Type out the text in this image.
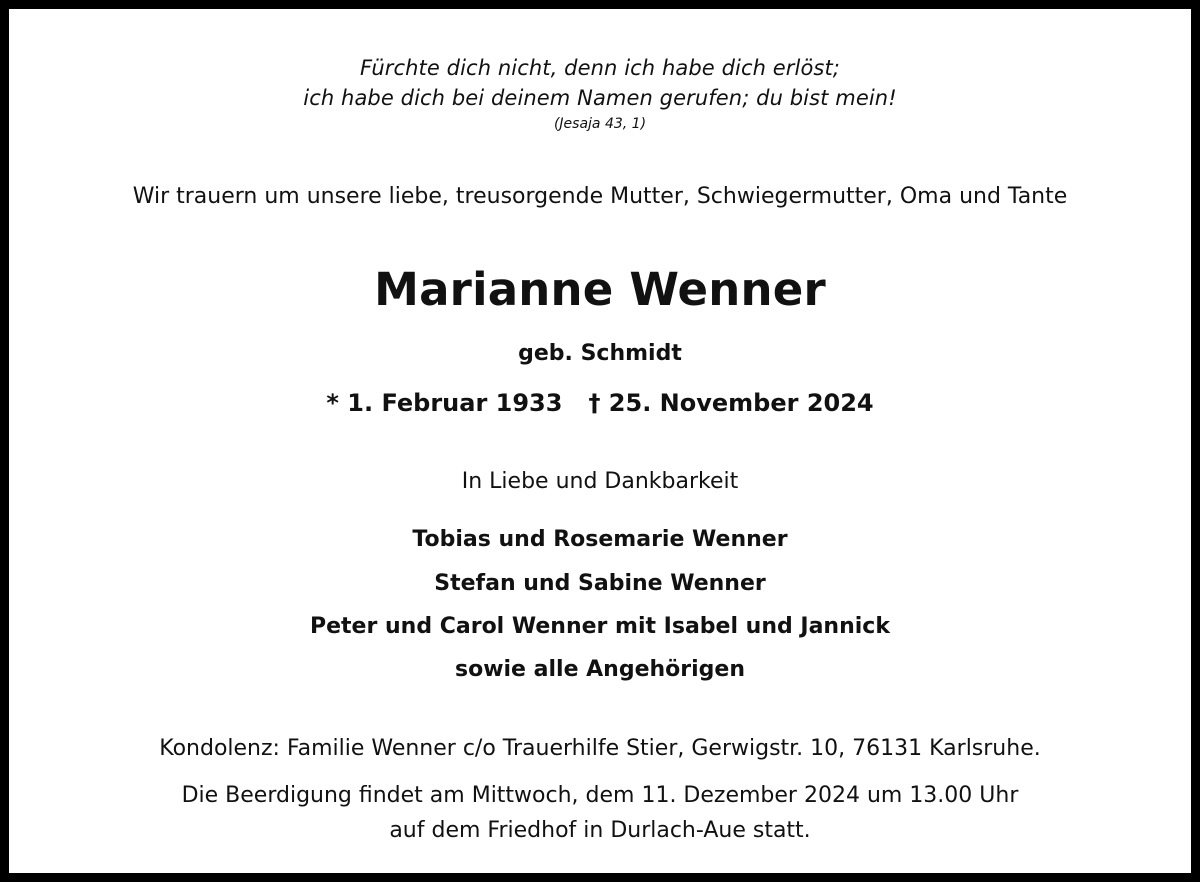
Fürchte dich nicht, denn ich habe dich erlöst;
ich habe dich bei deinem Namen gerufen; du bist mein!
(Jesaja 43, 1)
Wir trauern um unsere liebe, treusorgende Mutter, Schwiegermutter, Oma und Tante
Marianne Wenner
geb. Schmidt
* 1. Februar 1933 † 25. November 2024
In Liebe und Dankbarkeit
Tobias und Rosemarie Wenner
Stefan und Sabine Wenner
Peter und Carol Wenner mit Isabel und Jannick
sowie alle Angehörigen
Kondolenz: Familie Wenner c/o Trauerhilfe Stier, Gerwigstr. 10, 76131 Karlsruhe.
Die Beerdigung findet am Mittwoch, dem 11. Dezember 2024 um 13.00 Uhr
auf dem Friedhof in Durlach-Aue statt.
